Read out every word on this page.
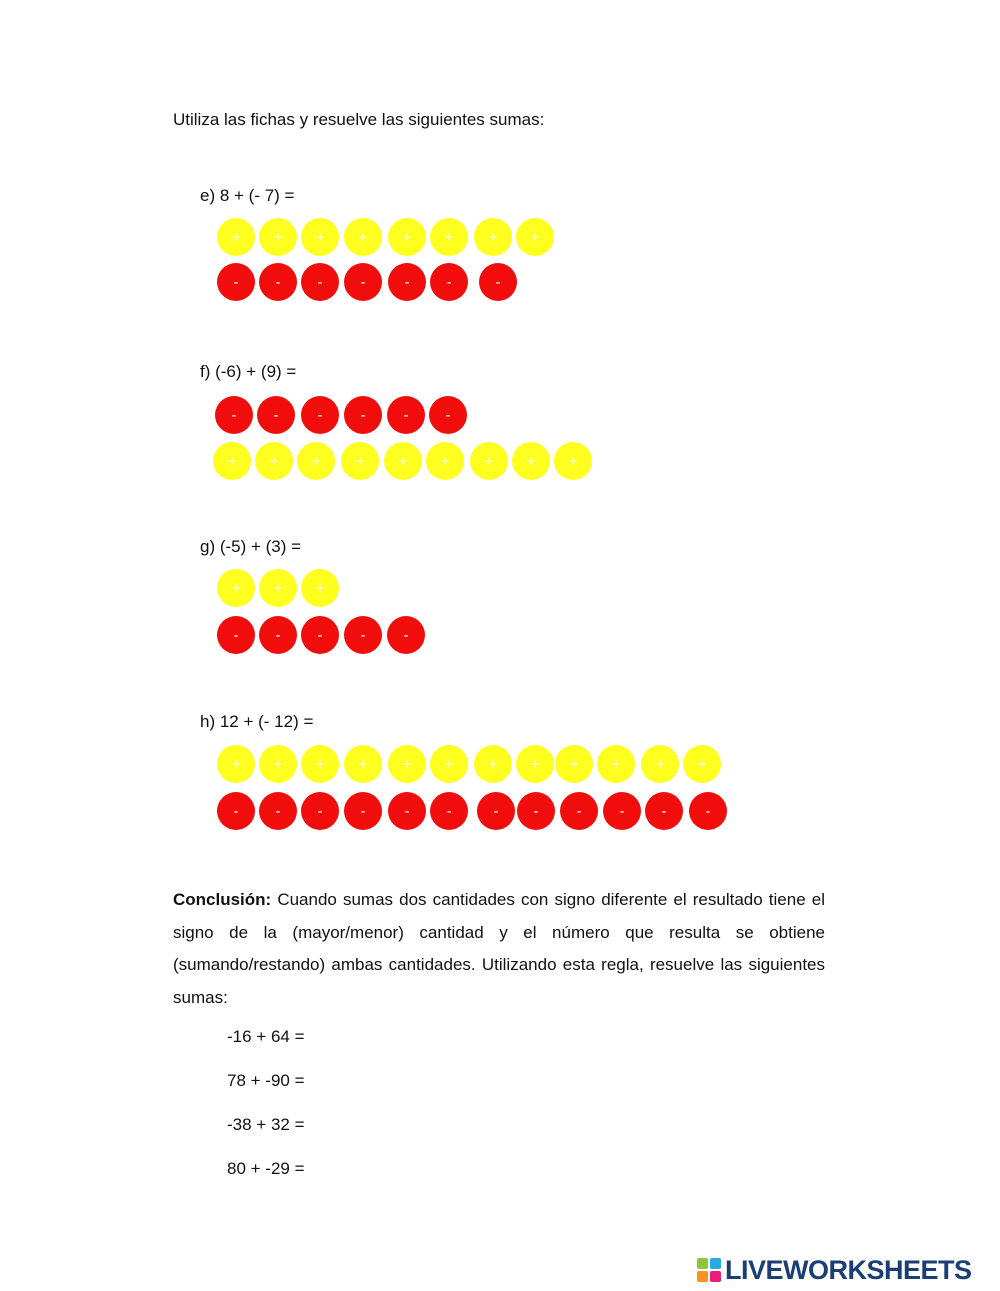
Utiliza las fichas y resuelve las siguientes sumas:
e) 8 + (- 7) =
+	+	+	+	+	+	+	+
-	-	-	-	-	-	-
f) (-6) + (9) =
-	-	-	-	-	-
+	+	+	+	+	+	+	+	+
g) (-5) + (3) =
+	+	+
-	-	-	-	-
h) 12 + (- 12) =
+	+	+	+	+	+	+	+	+	+	+	+
-	-	-	-	-	-	-	-	-	-	-	-
Conclusión: Cuando sumas dos cantidades con signo diferente el resultado tiene el signo de la (mayor/menor) cantidad y el número que resulta se obtiene (sumando/restando) ambas cantidades. Utilizando esta regla, resuelve las siguientes sumas:
-16 + 64 =
78 + -90 =
-38 + 32 =
80 + -29 =
LIVEWORKSHEETS
